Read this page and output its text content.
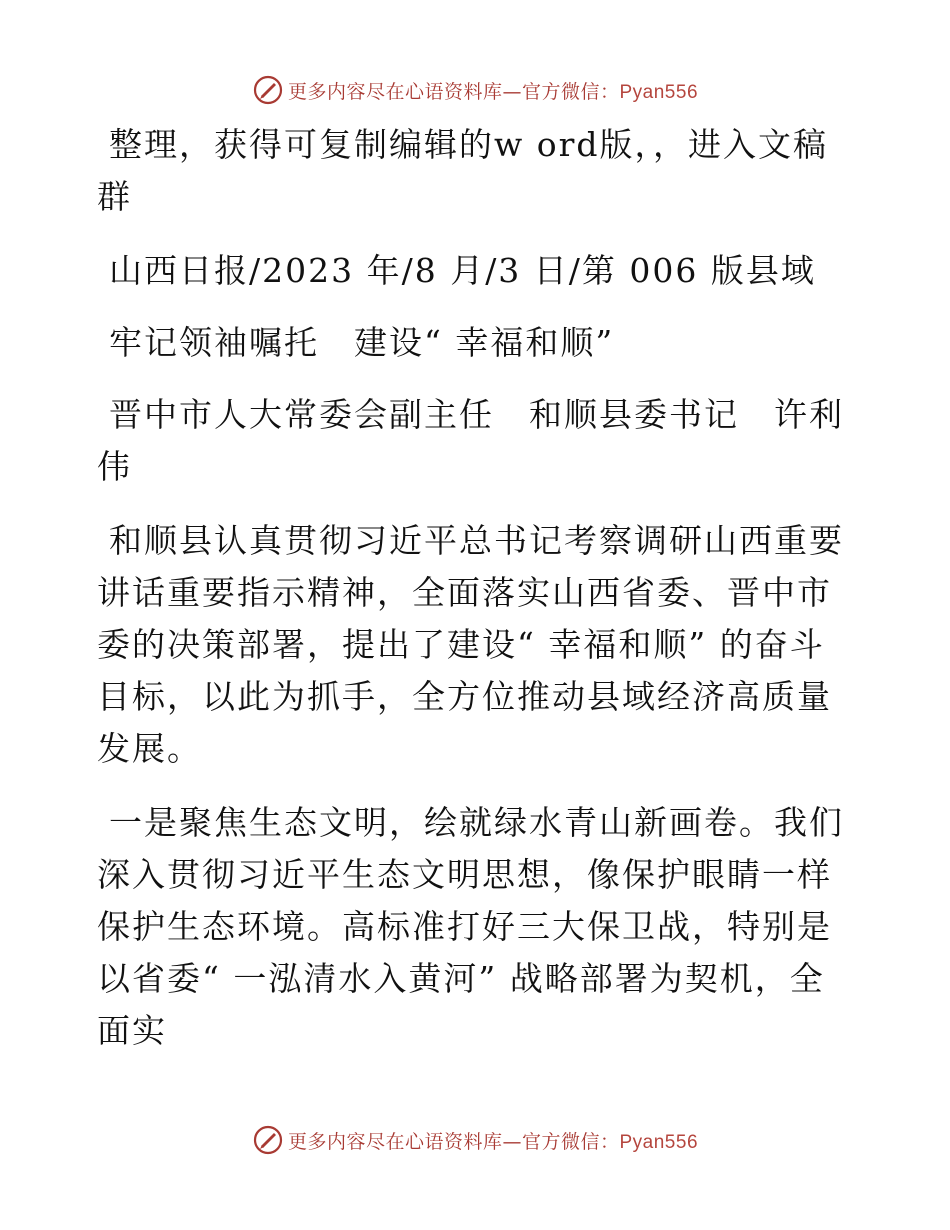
更多内容尽在心语资料库—官方微信：Pyan556

整理，获得可复制编辑的w ord版，，进入文稿群

山西日报/2023 年/8 月/3 日/第 006 版县域

牢记领袖嘱托　建设“ 幸福和顺”

晋中市人大常委会副主任　和顺县委书记　许利伟

和顺县认真贯彻习近平总书记考察调研山西重要讲话重要指示精神，全面落实山西省委、晋中市委的决策部署，提出了建设“ 幸福和顺” 的奋斗目标，以此为抓手，全方位推动县域经济高质量发展。

一是聚焦生态文明，绘就绿水青山新画卷。我们深入贯彻习近平生态文明思想，像保护眼睛一样保护生态环境。高标准打好三大保卫战，特别是以省委“ 一泓清水入黄河” 战略部署为契机，全面实

更多内容尽在心语资料库—官方微信：Pyan556
